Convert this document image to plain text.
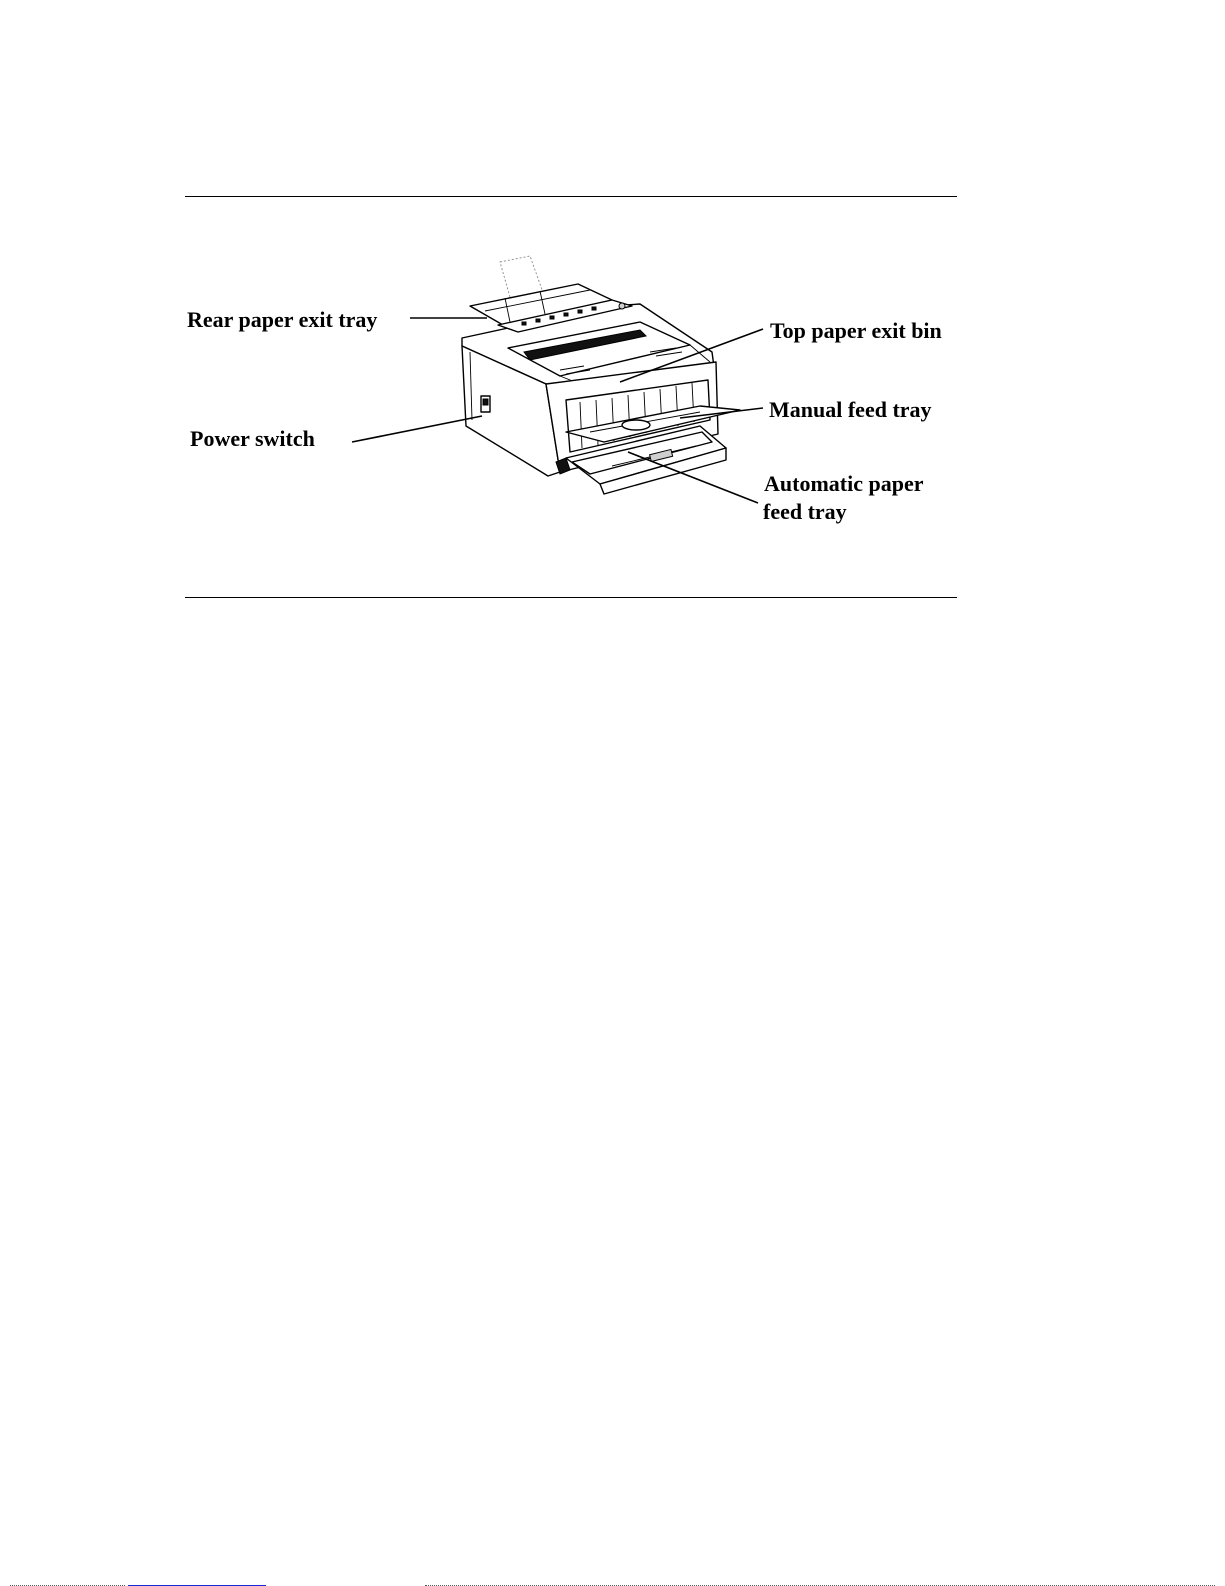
Rear paper exit tray	Top paper exit bin
Manual feed tray
Power switch
Automatic paper
feed tray
